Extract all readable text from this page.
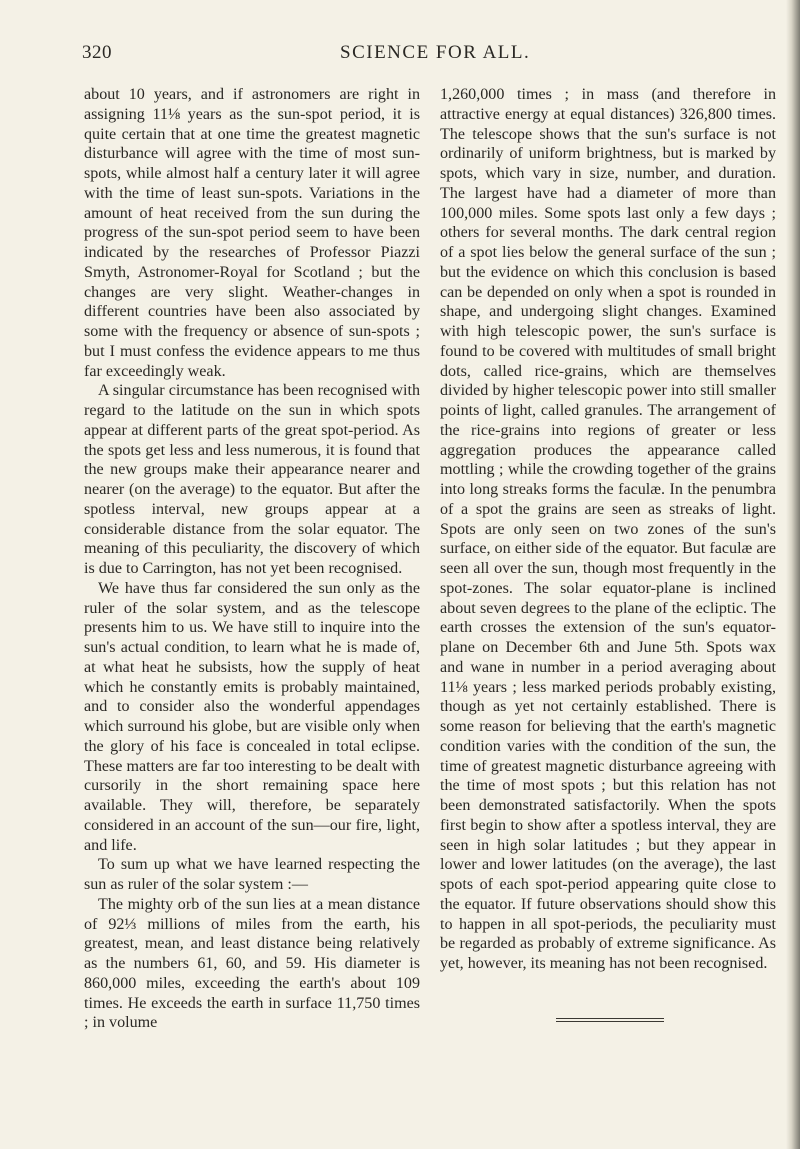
320	SCIENCE FOR ALL.

about 10 years, and if astronomers are right in assigning 11⅛ years as the sun-spot period, it is quite certain that at one time the greatest magnetic disturbance will agree with the time of most sun-spots, while almost half a century later it will agree with the time of least sun-spots. Variations in the amount of heat received from the sun during the progress of the sun-spot period seem to have been indicated by the researches of Professor Piazzi Smyth, Astronomer-Royal for Scotland ; but the changes are very slight. Weather-changes in different countries have been also associated by some with the frequency or absence of sun-spots ; but I must confess the evidence appears to me thus far exceedingly weak.

A singular circumstance has been recognised with regard to the latitude on the sun in which spots appear at different parts of the great spot-period. As the spots get less and less numerous, it is found that the new groups make their appearance nearer and nearer (on the average) to the equator. But after the spotless interval, new groups appear at a considerable distance from the solar equator. The meaning of this peculiarity, the discovery of which is due to Carrington, has not yet been recognised.

We have thus far considered the sun only as the ruler of the solar system, and as the telescope presents him to us. We have still to inquire into the sun's actual condition, to learn what he is made of, at what heat he subsists, how the supply of heat which he constantly emits is probably maintained, and to consider also the wonderful appendages which surround his globe, but are visible only when the glory of his face is concealed in total eclipse. These matters are far too interesting to be dealt with cursorily in the short remaining space here available. They will, therefore, be separately considered in an account of the sun—our fire, light, and life.

To sum up what we have learned respecting the sun as ruler of the solar system :—

The mighty orb of the sun lies at a mean distance of 92⅓ millions of miles from the earth, his greatest, mean, and least distance being relatively as the numbers 61, 60, and 59. His diameter is 860,000 miles, exceeding the earth's about 109 times. He exceeds the earth in surface 11,750 times ; in volume

1,260,000 times ; in mass (and therefore in attractive energy at equal distances) 326,800 times. The telescope shows that the sun's surface is not ordinarily of uniform brightness, but is marked by spots, which vary in size, number, and duration. The largest have had a diameter of more than 100,000 miles. Some spots last only a few days ; others for several months. The dark central region of a spot lies below the general surface of the sun ; but the evidence on which this conclusion is based can be depended on only when a spot is rounded in shape, and undergoing slight changes. Examined with high telescopic power, the sun's surface is found to be covered with multitudes of small bright dots, called rice-grains, which are themselves divided by higher telescopic power into still smaller points of light, called granules. The arrangement of the rice-grains into regions of greater or less aggregation produces the appearance called mottling ; while the crowding together of the grains into long streaks forms the faculæ. In the penumbra of a spot the grains are seen as streaks of light. Spots are only seen on two zones of the sun's surface, on either side of the equator. But faculæ are seen all over the sun, though most frequently in the spot-zones. The solar equator-plane is inclined about seven degrees to the plane of the ecliptic. The earth crosses the extension of the sun's equator-plane on December 6th and June 5th. Spots wax and wane in number in a period averaging about 11⅛ years ; less marked periods probably existing, though as yet not certainly established. There is some reason for believing that the earth's magnetic condition varies with the condition of the sun, the time of greatest magnetic disturbance agreeing with the time of most spots ; but this relation has not been demonstrated satisfactorily. When the spots first begin to show after a spotless interval, they are seen in high solar latitudes ; but they appear in lower and lower latitudes (on the average), the last spots of each spot-period appearing quite close to the equator. If future observations should show this to happen in all spot-periods, the peculiarity must be regarded as probably of extreme significance. As yet, however, its meaning has not been recognised.
